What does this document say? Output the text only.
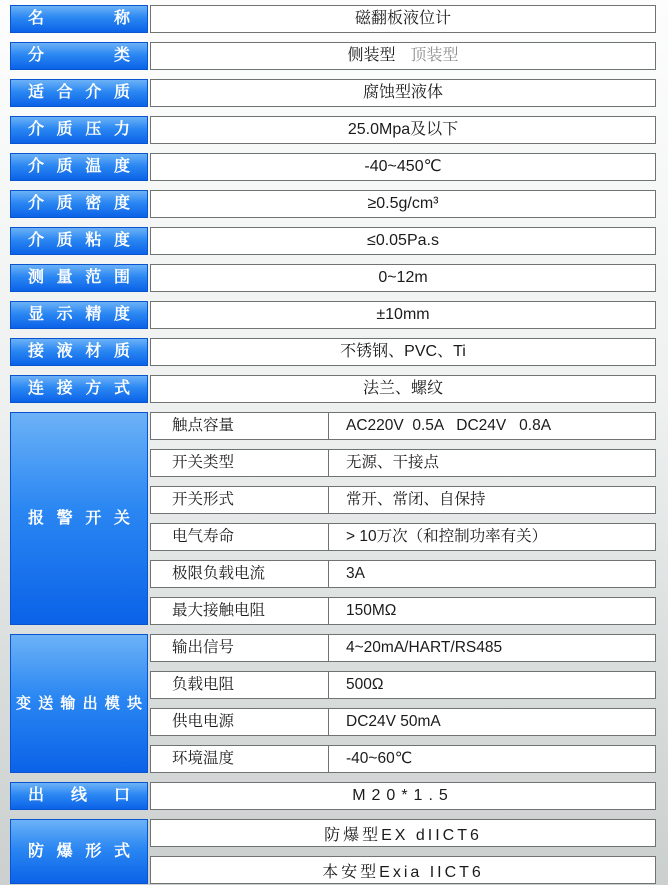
名称	磁翻板液位计
分类	侧装型 顶装型
适合介质	腐蚀型液体
介质压力	25.0Mpa及以下
介质温度	-40~450℃
介质密度	≥0.5g/cm³
介质粘度	≤0.05Pa.s
测量范围	0~12m
显示精度	±10mm
接液材质	不锈钢、PVC、Ti
连接方式	法兰、螺纹
报警开关
触点容量	AC220V  0.5A   DC24V   0.8A
开关类型	无源、干接点
开关形式	常开、常闭、自保持
电气寿命	> 10万次（和控制功率有关）
极限负载电流	3A
最大接触电阻	150MΩ
变送输出模块
输出信号	4~20mA/HART/RS485
负载电阻	500Ω
供电电源	DC24V 50mA
环境温度	-40~60℃
出线口	M20*1.5
防爆形式
防爆型EX dIICT6
本安型Exia IICT6
